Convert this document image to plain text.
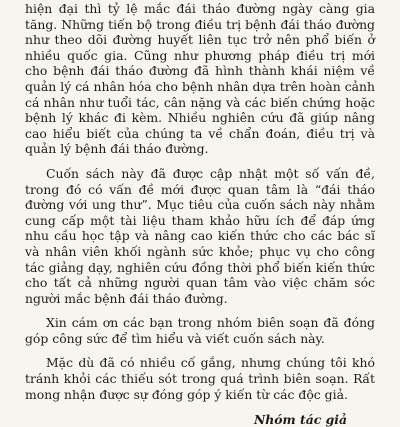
hiện đại thì tỷ lệ mắc đái tháo đường ngày càng gia tăng. Những tiến bộ trong điều trị bệnh đái tháo đường như theo dõi đường huyết liên tục trở nên phổ biến ở nhiều quốc gia. Cũng như phương pháp điều trị mới cho bệnh đái tháo đường đã hình thành khái niệm về quản lý cá nhân hóa cho bệnh nhân dựa trên hoàn cảnh cá nhân như tuổi tác, cân nặng và các biến chứng hoặc bệnh lý khác đi kèm. Nhiều nghiên cứu đã giúp nâng cao hiểu biết của chúng ta về chẩn đoán, điều trị và quản lý bệnh đái tháo đường.

Cuốn sách này đã được cập nhật một số vấn đề, trong đó có vấn đề mới được quan tâm là “đái tháo đường với ung thư”. Mục tiêu của cuốn sách này nhằm cung cấp một tài liệu tham khảo hữu ích để đáp ứng nhu cầu học tập và nâng cao kiến thức cho các bác sĩ và nhân viên khối ngành sức khỏe; phục vụ cho công tác giảng dạy, nghiên cứu đồng thời phổ biến kiến thức cho tất cả những người quan tâm vào việc chăm sóc người mắc bệnh đái tháo đường.

Xin cám ơn các bạn trong nhóm biên soạn đã đóng góp công sức để tìm hiểu và viết cuốn sách này.

Mặc dù đã có nhiều cố gắng, nhưng chúng tôi khó tránh khỏi các thiếu sót trong quá trình biên soạn. Rất mong nhận được sự đóng góp ý kiến từ các độc giả.

Nhóm tác giả
